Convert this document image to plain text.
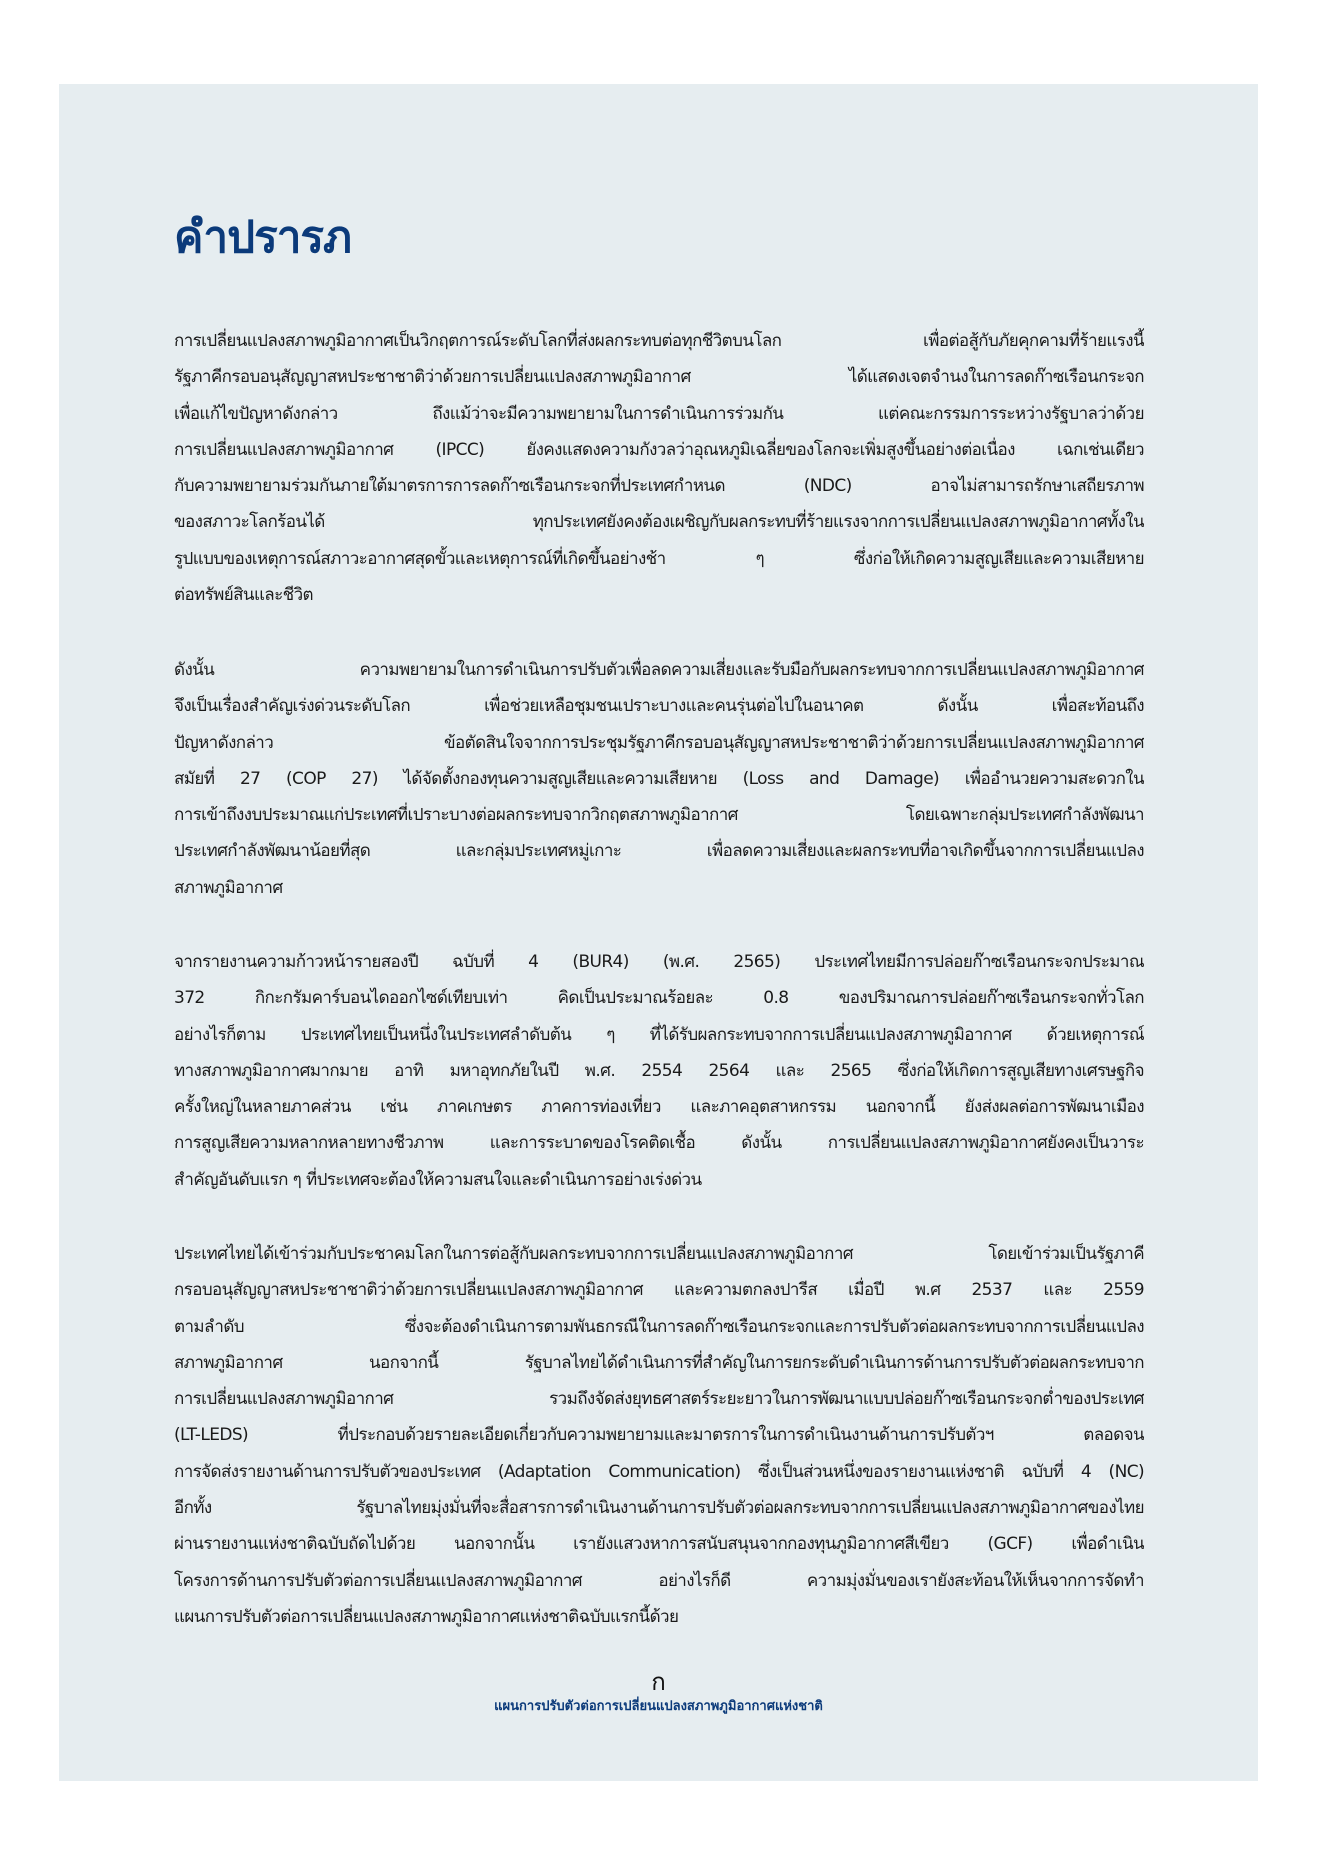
คำปรารภ
การเปลี่ยนแปลงสภาพภูมิอากาศเป็นวิกฤตการณ์ระดับโลกที่ส่งผลกระทบต่อทุกชีวิตบนโลก เพื่อต่อสู้กับภัยคุกคามที่ร้ายแรงนี้
รัฐภาคีกรอบอนุสัญญาสหประชาชาติว่าด้วยการเปลี่ยนแปลงสภาพภูมิอากาศ ได้แสดงเจตจำนงในการลดก๊าซเรือนกระจก
เพื่อแก้ไขปัญหาดังกล่าว ถึงแม้ว่าจะมีความพยายามในการดำเนินการร่วมกัน แต่คณะกรรมการระหว่างรัฐบาลว่าด้วย
การเปลี่ยนแปลงสภาพภูมิอากาศ (IPCC) ยังคงแสดงความกังวลว่าอุณหภูมิเฉลี่ยของโลกจะเพิ่มสูงขึ้นอย่างต่อเนื่อง เฉกเช่นเดียว
กับความพยายามร่วมกันภายใต้มาตรการการลดก๊าซเรือนกระจกที่ประเทศกำหนด (NDC) อาจไม่สามารถรักษาเสถียรภาพ
ของสภาวะโลกร้อนได้ ทุกประเทศยังคงต้องเผชิญกับผลกระทบที่ร้ายแรงจากการเปลี่ยนแปลงสภาพภูมิอากาศทั้งใน
รูปแบบของเหตุการณ์สภาวะอากาศสุดขั้วและเหตุการณ์ที่เกิดขึ้นอย่างช้า ๆ ซึ่งก่อให้เกิดความสูญเสียและความเสียหาย
ต่อทรัพย์สินและชีวิต
ดังนั้น ความพยายามในการดำเนินการปรับตัวเพื่อลดความเสี่ยงและรับมือกับผลกระทบจากการเปลี่ยนแปลงสภาพภูมิอากาศ
จึงเป็นเรื่องสำคัญเร่งด่วนระดับโลก เพื่อช่วยเหลือชุมชนเปราะบางและคนรุ่นต่อไปในอนาคต ดังนั้น เพื่อสะท้อนถึง
ปัญหาดังกล่าว ข้อตัดสินใจจากการประชุมรัฐภาคีกรอบอนุสัญญาสหประชาชาติว่าด้วยการเปลี่ยนแปลงสภาพภูมิอากาศ
สมัยที่ 27 (COP 27) ได้จัดตั้งกองทุนความสูญเสียและความเสียหาย (Loss and Damage) เพื่ออำนวยความสะดวกใน
การเข้าถึงงบประมาณแก่ประเทศที่เปราะบางต่อผลกระทบจากวิกฤตสภาพภูมิอากาศ โดยเฉพาะกลุ่มประเทศกำลังพัฒนา
ประเทศกำลังพัฒนาน้อยที่สุด และกลุ่มประเทศหมู่เกาะ เพื่อลดความเสี่ยงและผลกระทบที่อาจเกิดขึ้นจากการเปลี่ยนแปลง
สภาพภูมิอากาศ
จากรายงานความก้าวหน้ารายสองปี ฉบับที่ 4 (BUR4) (พ.ศ. 2565) ประเทศไทยมีการปล่อยก๊าซเรือนกระจกประมาณ
372 กิกะกรัมคาร์บอนไดออกไซด์เทียบเท่า คิดเป็นประมาณร้อยละ 0.8 ของปริมาณการปล่อยก๊าซเรือนกระจกทั่วโลก
อย่างไรก็ตาม ประเทศไทยเป็นหนึ่งในประเทศลำดับต้น ๆ ที่ได้รับผลกระทบจากการเปลี่ยนแปลงสภาพภูมิอากาศ ด้วยเหตุการณ์
ทางสภาพภูมิอากาศมากมาย อาทิ มหาอุทกภัยในปี พ.ศ. 2554 2564 และ 2565 ซึ่งก่อให้เกิดการสูญเสียทางเศรษฐกิจ
ครั้งใหญ่ในหลายภาคส่วน เช่น ภาคเกษตร ภาคการท่องเที่ยว และภาคอุตสาหกรรม นอกจากนี้ ยังส่งผลต่อการพัฒนาเมือง
การสูญเสียความหลากหลายทางชีวภาพ และการระบาดของโรคติดเชื้อ ดังนั้น การเปลี่ยนแปลงสภาพภูมิอากาศยังคงเป็นวาระ
สำคัญอันดับแรก ๆ ที่ประเทศจะต้องให้ความสนใจและดำเนินการอย่างเร่งด่วน
ประเทศไทยได้เข้าร่วมกับประชาคมโลกในการต่อสู้กับผลกระทบจากการเปลี่ยนแปลงสภาพภูมิอากาศ โดยเข้าร่วมเป็นรัฐภาคี
กรอบอนุสัญญาสหประชาชาติว่าด้วยการเปลี่ยนแปลงสภาพภูมิอากาศ และความตกลงปารีส เมื่อปี พ.ศ 2537 และ 2559
ตามลำดับ ซึ่งจะต้องดำเนินการตามพันธกรณีในการลดก๊าซเรือนกระจกและการปรับตัวต่อผลกระทบจากการเปลี่ยนแปลง
สภาพภูมิอากาศ นอกจากนี้ รัฐบาลไทยได้ดำเนินการที่สำคัญในการยกระดับดำเนินการด้านการปรับตัวต่อผลกระทบจาก
การเปลี่ยนแปลงสภาพภูมิอากาศ รวมถึงจัดส่งยุทธศาสตร์ระยะยาวในการพัฒนาแบบปล่อยก๊าซเรือนกระจกต่ำของประเทศ
(LT-LEDS) ที่ประกอบด้วยรายละเอียดเกี่ยวกับความพยายามและมาตรการในการดำเนินงานด้านการปรับตัวฯ ตลอดจน
การจัดส่งรายงานด้านการปรับตัวของประเทศ (Adaptation Communication) ซึ่งเป็นส่วนหนึ่งของรายงานแห่งชาติ ฉบับที่ 4 (NC)
อีกทั้ง รัฐบาลไทยมุ่งมั่นที่จะสื่อสารการดำเนินงานด้านการปรับตัวต่อผลกระทบจากการเปลี่ยนแปลงสภาพภูมิอากาศของไทย
ผ่านรายงานแห่งชาติฉบับถัดไปด้วย นอกจากนั้น เรายังแสวงหาการสนับสนุนจากกองทุนภูมิอากาศสีเขียว (GCF) เพื่อดำเนิน
โครงการด้านการปรับตัวต่อการเปลี่ยนแปลงสภาพภูมิอากาศ อย่างไรก็ดี ความมุ่งมั่นของเรายังสะท้อนให้เห็นจากการจัดทำ
แผนการปรับตัวต่อการเปลี่ยนแปลงสภาพภูมิอากาศแห่งชาติฉบับแรกนี้ด้วย
ก
แผนการปรับตัวต่อการเปลี่ยนแปลงสภาพภูมิอากาศแห่งชาติ
